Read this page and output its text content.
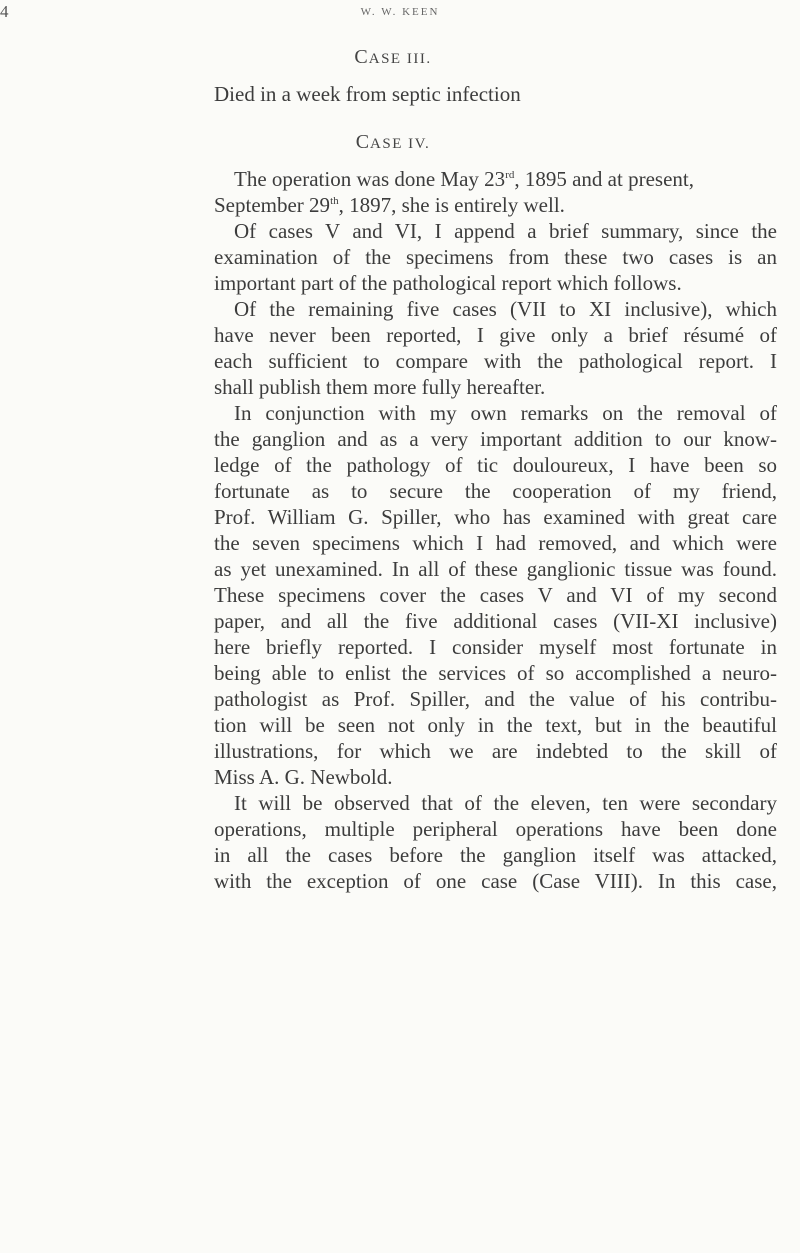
4	W. W. KEEN
CASE III.
Died in a week from septic infection
CASE IV.
The operation was done May 23rd, 1895 and at present,
September 29th, 1897, she is entirely well.
Of cases V and VI, I append a brief summary, since the
examination of the specimens from these two cases is an
important part of the pathological report which follows.
Of the remaining five cases (VII to XI inclusive), which
have never been reported, I give only a brief résumé of
each sufficient to compare with the pathological report. I
shall publish them more fully hereafter.
In conjunction with my own remarks on the removal of
the ganglion and as a very important addition to our know-
ledge of the pathology of tic douloureux, I have been so
fortunate as to secure the cooperation of my friend,
Prof. William G. Spiller, who has examined with great care
the seven specimens which I had removed, and which were
as yet unexamined. In all of these ganglionic tissue was found.
These specimens cover the cases V and VI of my second
paper, and all the five additional cases (VII-XI inclusive)
here briefly reported. I consider myself most fortunate in
being able to enlist the services of so accomplished a neuro-
pathologist as Prof. Spiller, and the value of his contribu-
tion will be seen not only in the text, but in the beautiful
illustrations, for which we are indebted to the skill of
Miss A. G. Newbold.
It will be observed that of the eleven, ten were secondary
operations, multiple peripheral operations have been done
in all the cases before the ganglion itself was attacked,
with the exception of one case (Case VIII). In this case,
